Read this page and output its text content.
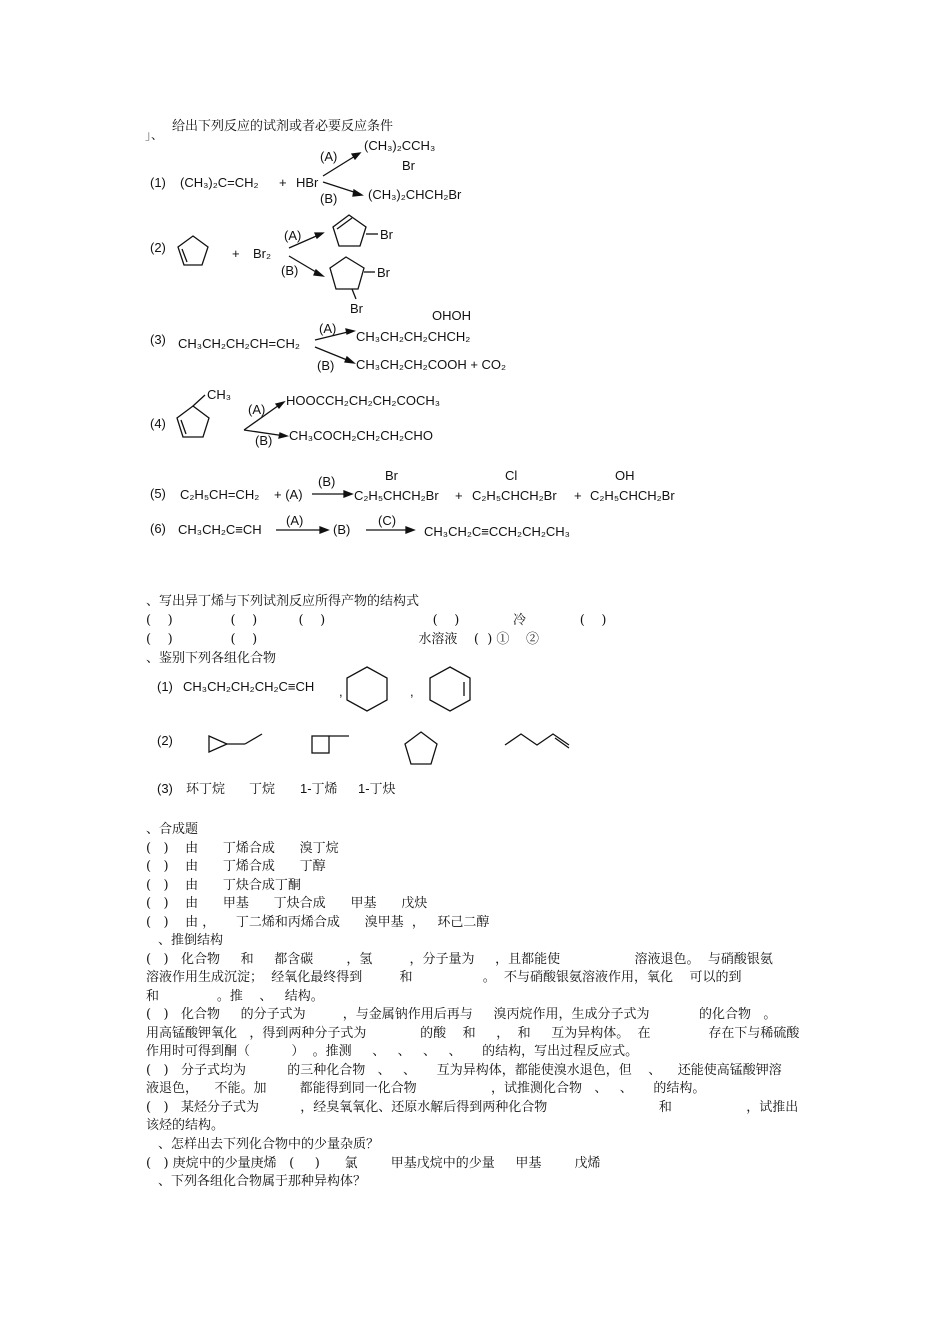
」、
给出下列反应的试剂或者必要反应条件
(1) (CH₃)₂C=CH₂ + HBr
(A)
(B)
(CH₃)₂CCH₃
Br
(CH₃)₂CHCH₂Br
(2)	+ Br₂
(A)
(B)
Br
Br
Br
(3) CH₃CH₂CH₂CH=CH₂
(A)
(B)
OHOH
CH₃CH₂CH₂CHCH₂
CH₃CH₂CH₂COOH + CO₂
(4)
CH₃
(A)
(B)
HOOCCH₂CH₂CH₂COCH₃
CH₃COCH₂CH₂CH₂CHO
(5) C₂H₅CH=CH₂ + (A)
(B)	Br
C₂H₅CHCH₂Br +
Cl
C₂H₅CHCH₂Br +
OH
C₂H₅CHCH₂Br
(6) CH₃CH₂C≡CH
(A)
(B)
(C)
CH₃CH₂C≡CCH₂CH₂CH₃
、写出异丁烯与下列试剂反应所得产物的结构式
(    )              (    )          (    )                          (    )             冷             (    )
(    )              (    )                                       水溶液    (  ) ①    ②
、鉴别下列各组化合物
(1) CH₃CH₂CH₂CH₂C≡CH ,	,
(2)
(3) 环丁烷 丁烷 1-丁烯 1-丁炔
、合成题
(   )    由      丁烯合成      溴丁烷
(   )    由      丁烯合成      丁醇
(   )    由      丁炔合成丁酮
(   )    由      甲基      丁炔合成      甲基      戊炔
(   )    由 ，     丁二烯和丙烯合成      溴甲基  ，   环己二醇
、推倒结构
(   )   化合物     和     都含碳        ，氢         ，分子量为     ，且都能使                  溶液退色。  与硝酸银氨
溶液作用生成沉淀；  经氧化最终得到         和                 。  不与硝酸银氨溶液作用，氧化    可以的到
和              。推    、   结构。
(   )   化合物     的分子式为         ，与金属钠作用后再与     溴丙烷作用，生成分子式为            的化合物   。
用高锰酸钾氧化   ，得到两种分子式为             的酸    和     ，  和     互为异构体。  在              存在下与稀硫酸
作用时可得到酮（          ）  。推测     、   、   、   、     的结构，写出过程反应式。
(   )   分子式均为          的三种化合物   、   、     互为异构体，都能使溴水退色，但    、    还能使高锰酸钾溶
液退色，    不能。加        都能得到同一化合物                  ，试推测化合物   、   、     的结构。
(   )   某烃分子式为          ，经臭氧氧化、还原水解后得到两种化合物                           和                  ，试推出
该烃的结构。
、怎样出去下列化合物中的少量杂质？
(   ) 庚烷中的少量庚烯   (     )      氯        甲基戊烷中的少量     甲基        戊烯
、下列各组化合物属于那种异构体？
